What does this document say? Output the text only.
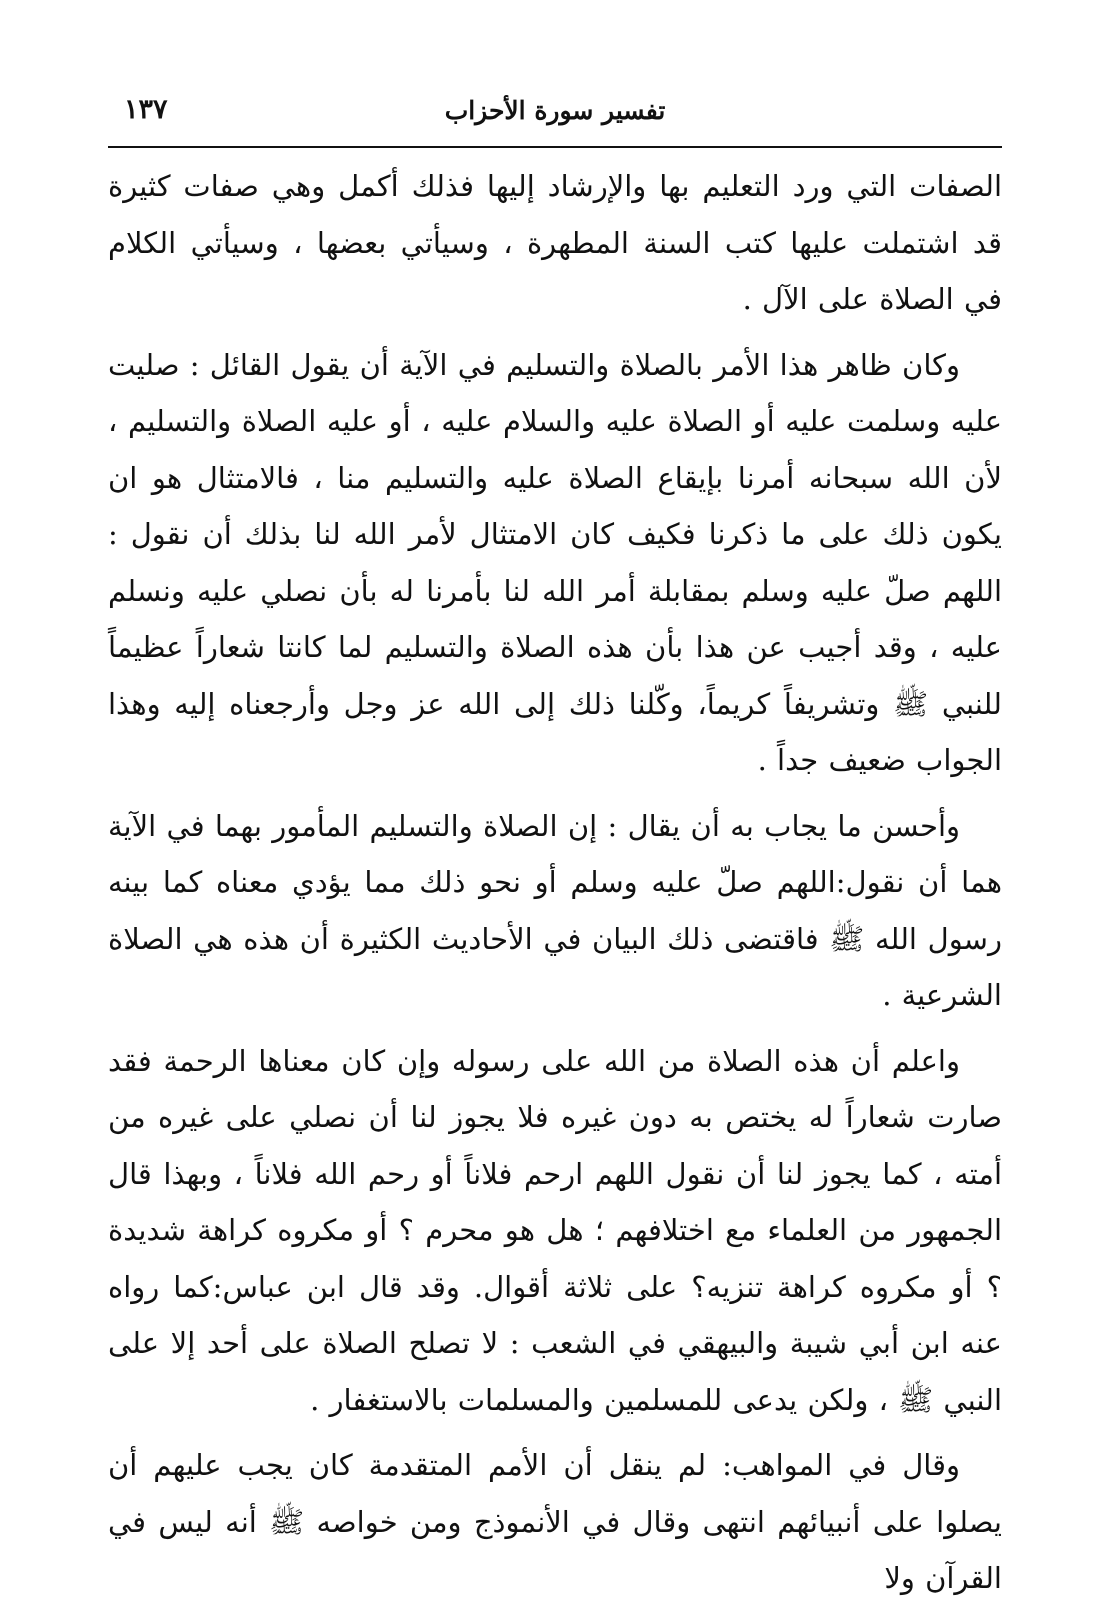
تفسير سورة الأحزاب
١٣٧

الصفات التي ورد التعليم بها والإرشاد إليها فذلك أكمل وهي صفات كثيرة قد اشتملت عليها كتب السنة المطهرة ، وسيأتي بعضها ، وسيأتي الكلام في الصلاة على الآل .

وكان ظاهر هذا الأمر بالصلاة والتسليم في الآية أن يقول القائل : صليت عليه وسلمت عليه أو الصلاة عليه والسلام عليه ، أو عليه الصلاة والتسليم ، لأن الله سبحانه أمرنا بإيقاع الصلاة عليه والتسليم منا ، فالامتثال هو ان يكون ذلك على ما ذكرنا فكيف كان الامتثال لأمر الله لنا بذلك أن نقول : اللهم صلّ عليه وسلم بمقابلة أمر الله لنا بأمرنا له بأن نصلي عليه ونسلم عليه ، وقد أجيب عن هذا بأن هذه الصلاة والتسليم لما كانتا شعاراً عظيماً للنبي ﷺ وتشريفاً كريماً، وكّلنا ذلك إلى الله عز وجل وأرجعناه إليه وهذا الجواب ضعيف جداً .

وأحسن ما يجاب به أن يقال : إن الصلاة والتسليم المأمور بهما في الآية هما أن نقول:اللهم صلّ عليه وسلم أو نحو ذلك مما يؤدي معناه كما بينه رسول الله ﷺ فاقتضى ذلك البيان في الأحاديث الكثيرة أن هذه هي الصلاة الشرعية .

واعلم أن هذه الصلاة من الله على رسوله وإن كان معناها الرحمة فقد صارت شعاراً له يختص به دون غيره فلا يجوز لنا أن نصلي على غيره من أمته ، كما يجوز لنا أن نقول اللهم ارحم فلاناً أو رحم الله فلاناً ، وبهذا قال الجمهور من العلماء مع اختلافهم ؛ هل هو محرم ؟ أو مكروه كراهة شديدة ؟ أو مكروه كراهة تنزيه؟ على ثلاثة أقوال. وقد قال ابن عباس:كما رواه عنه ابن أبي شيبة والبيهقي في الشعب : لا تصلح الصلاة على أحد إلا على النبي ﷺ ، ولكن يدعى للمسلمين والمسلمات بالاستغفار .

وقال في المواهب: لم ينقل أن الأمم المتقدمة كان يجب عليهم أن يصلوا على أنبيائهم انتهى وقال في الأنموذج ومن خواصه ﷺ أنه ليس في القرآن ولا
